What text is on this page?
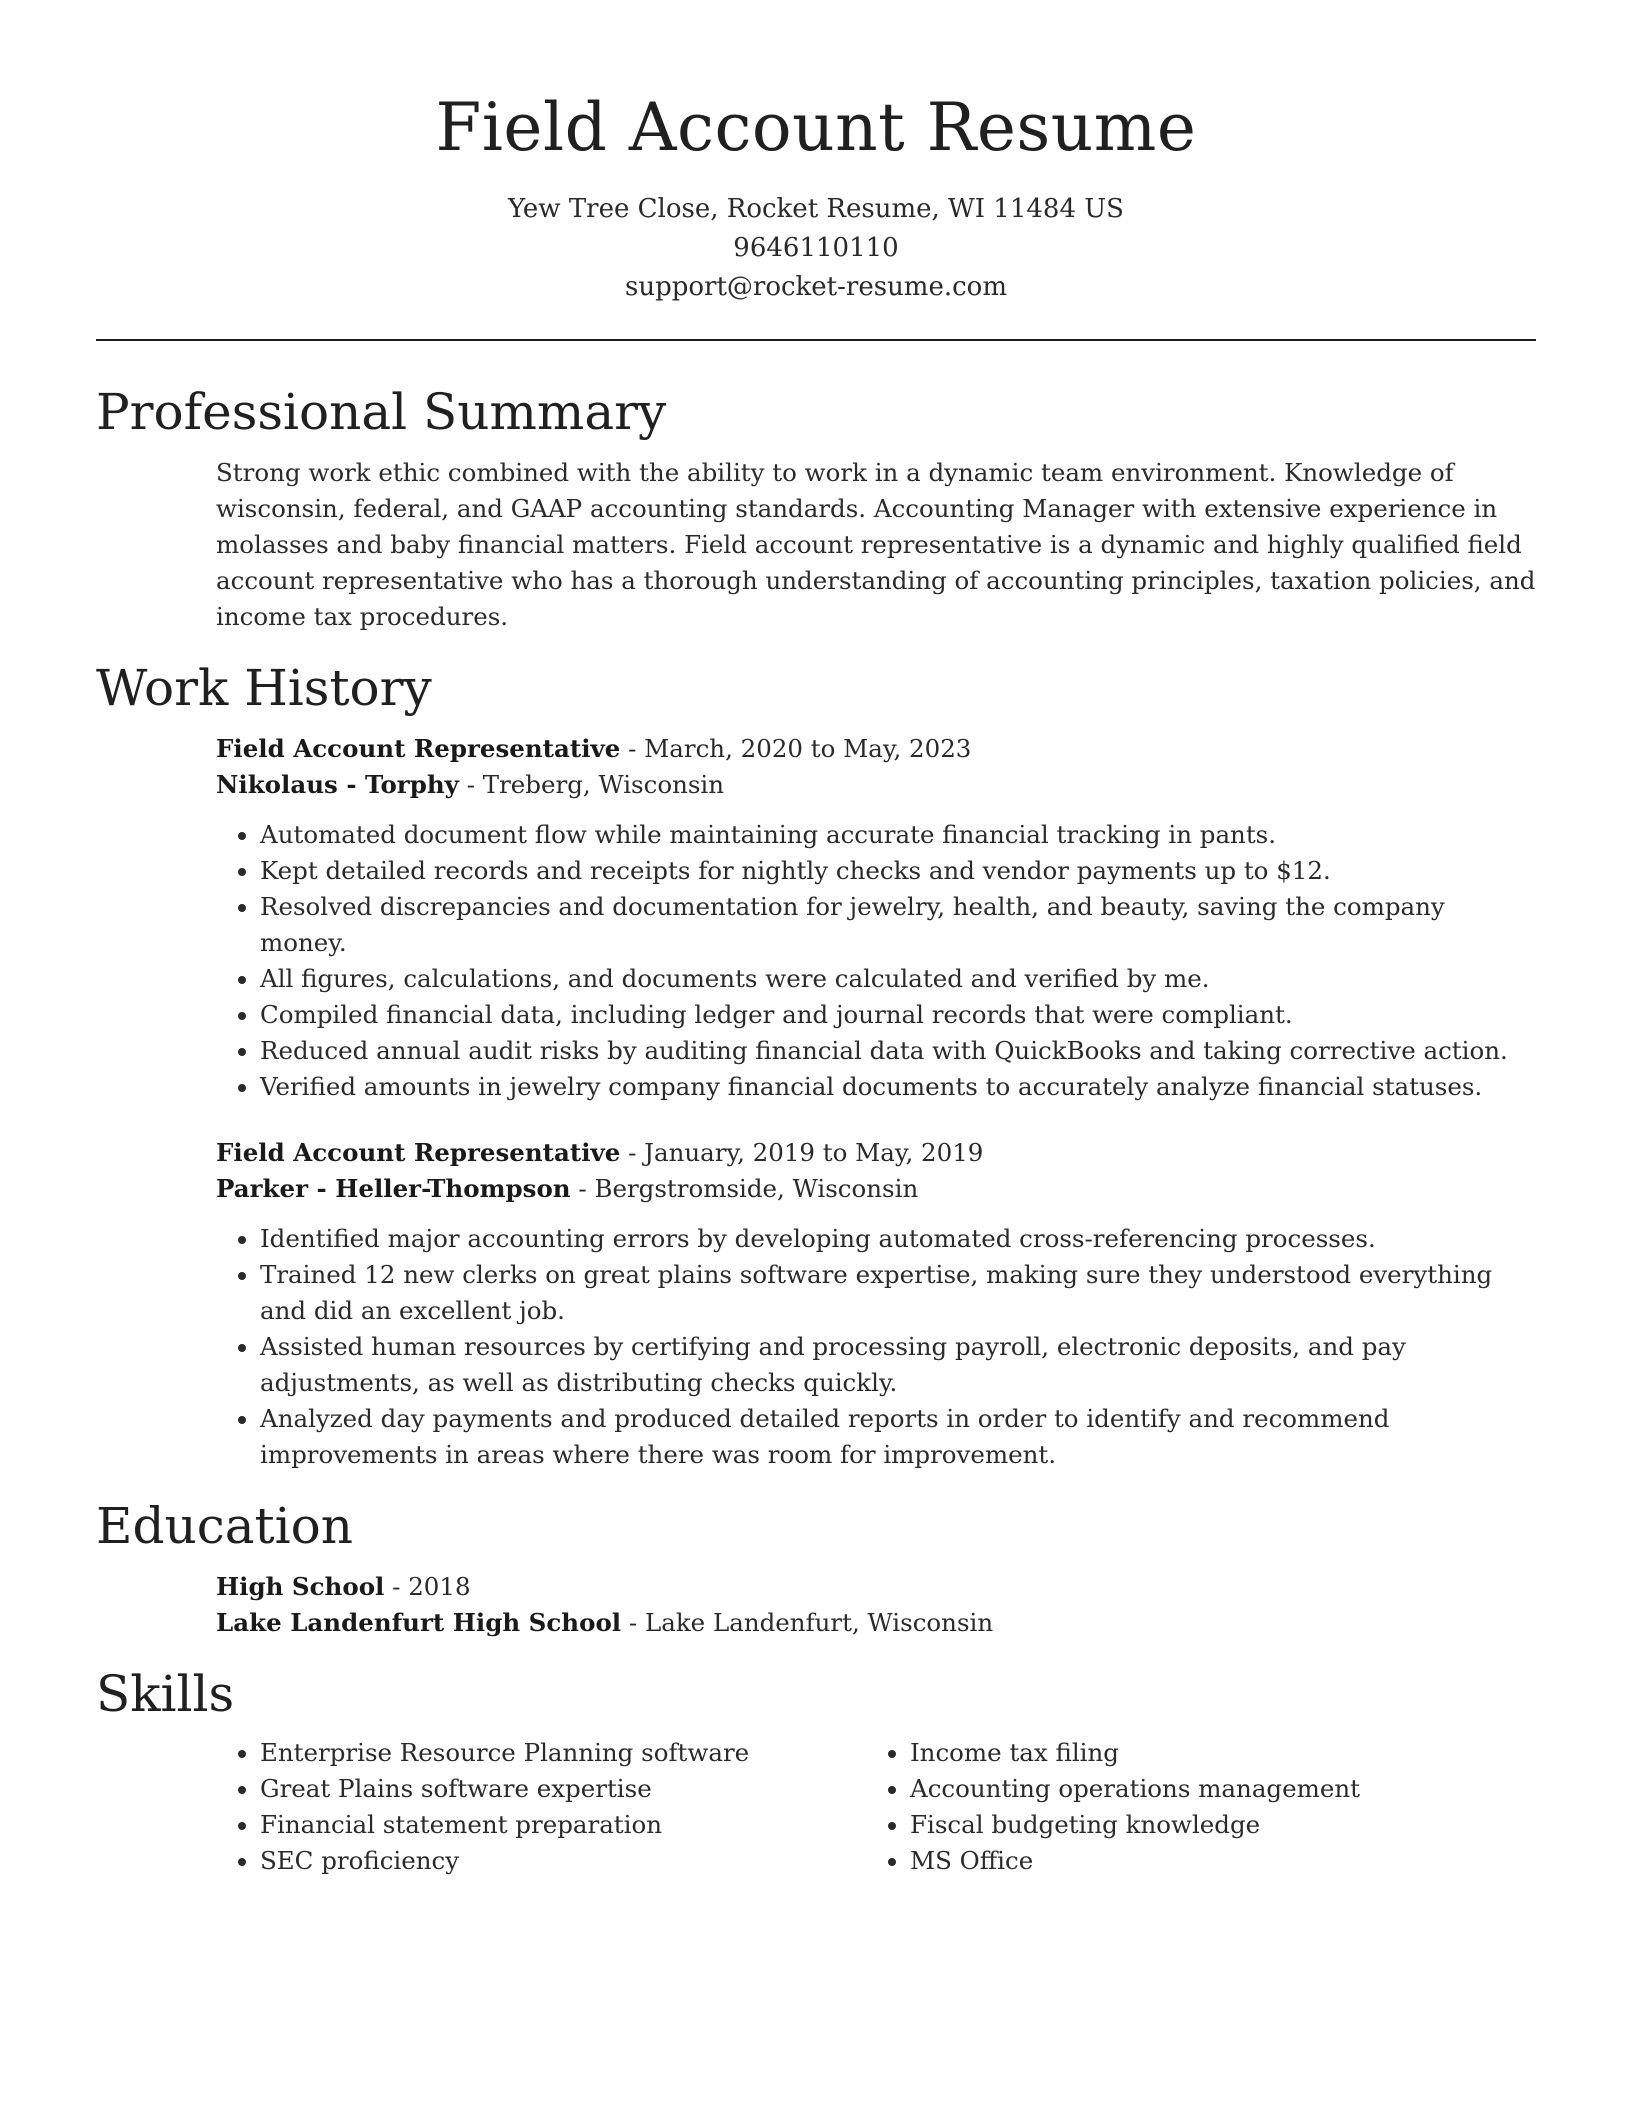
Field Account Resume
Yew Tree Close, Rocket Resume, WI 11484 US
9646110110
support@rocket-resume.com
Professional Summary

Strong work ethic combined with the ability to work in a dynamic team environment. Knowledge of wisconsin, federal, and GAAP accounting standards. Accounting Manager with extensive experience in molasses and baby financial matters. Field account representative is a dynamic and highly qualified field account representative who has a thorough understanding of accounting principles, taxation policies, and income tax procedures.

Work History

Field Account Representative - March, 2020 to May, 2023

Nikolaus - Torphy - Treberg, Wisconsin

• Automated document flow while maintaining accurate financial tracking in pants.
• Kept detailed records and receipts for nightly checks and vendor payments up to $12.
• Resolved discrepancies and documentation for jewelry, health, and beauty, saving the company money.
• All figures, calculations, and documents were calculated and verified by me.
• Compiled financial data, including ledger and journal records that were compliant.
• Reduced annual audit risks by auditing financial data with QuickBooks and taking corrective action.
• Verified amounts in jewelry company financial documents to accurately analyze financial statuses.

Field Account Representative - January, 2019 to May, 2019

Parker - Heller-Thompson - Bergstromside, Wisconsin

• Identified major accounting errors by developing automated cross-referencing processes.
• Trained 12 new clerks on great plains software expertise, making sure they understood everything and did an excellent job.
• Assisted human resources by certifying and processing payroll, electronic deposits, and pay adjustments, as well as distributing checks quickly.
• Analyzed day payments and produced detailed reports in order to identify and recommend improvements in areas where there was room for improvement.
Education

High School - 2018

Lake Landenfurt High School - Lake Landenfurt, Wisconsin

Skills
• Enterprise Resource Planning software
• Great Plains software expertise
• Financial statement preparation
• SEC proficiency
• Income tax filing
• Accounting operations management
• Fiscal budgeting knowledge
• MS Office
